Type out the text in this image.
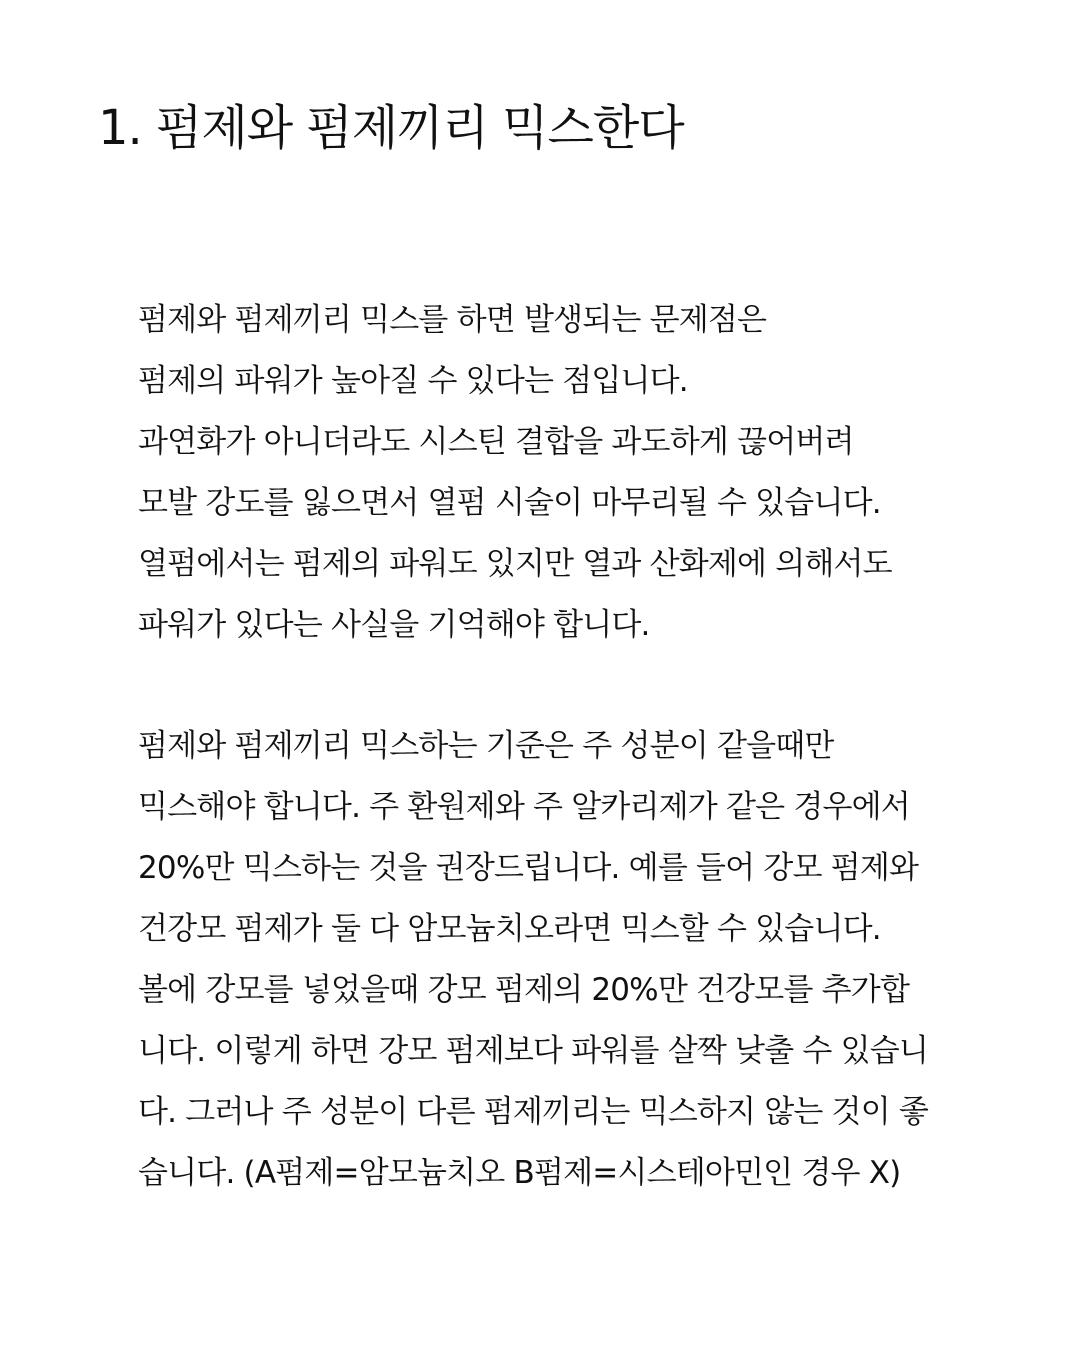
1. 펌제와 펌제끼리 믹스한다

펌제와 펌제끼리 믹스를 하면 발생되는 문제점은
펌제의 파워가 높아질 수 있다는 점입니다.
과연화가 아니더라도 시스틴 결합을 과도하게 끊어버려
모발 강도를 잃으면서 열펌 시술이 마무리될 수 있습니다.
열펌에서는 펌제의 파워도 있지만 열과 산화제에 의해서도
파워가 있다는 사실을 기억해야 합니다.

펌제와 펌제끼리 믹스하는 기준은 주 성분이 같을때만
믹스해야 합니다. 주 환원제와 주 알카리제가 같은 경우에서
20%만 믹스하는 것을 권장드립니다. 예를 들어 강모 펌제와
건강모 펌제가 둘 다 암모늄치오라면 믹스할 수 있습니다.
볼에 강모를 넣었을때 강모 펌제의 20%만 건강모를 추가합
니다. 이렇게 하면 강모 펌제보다 파워를 살짝 낮출 수 있습니
다. 그러나 주 성분이 다른 펌제끼리는 믹스하지 않는 것이 좋
습니다. (A펌제=암모늄치오 B펌제=시스테아민인 경우 X)
